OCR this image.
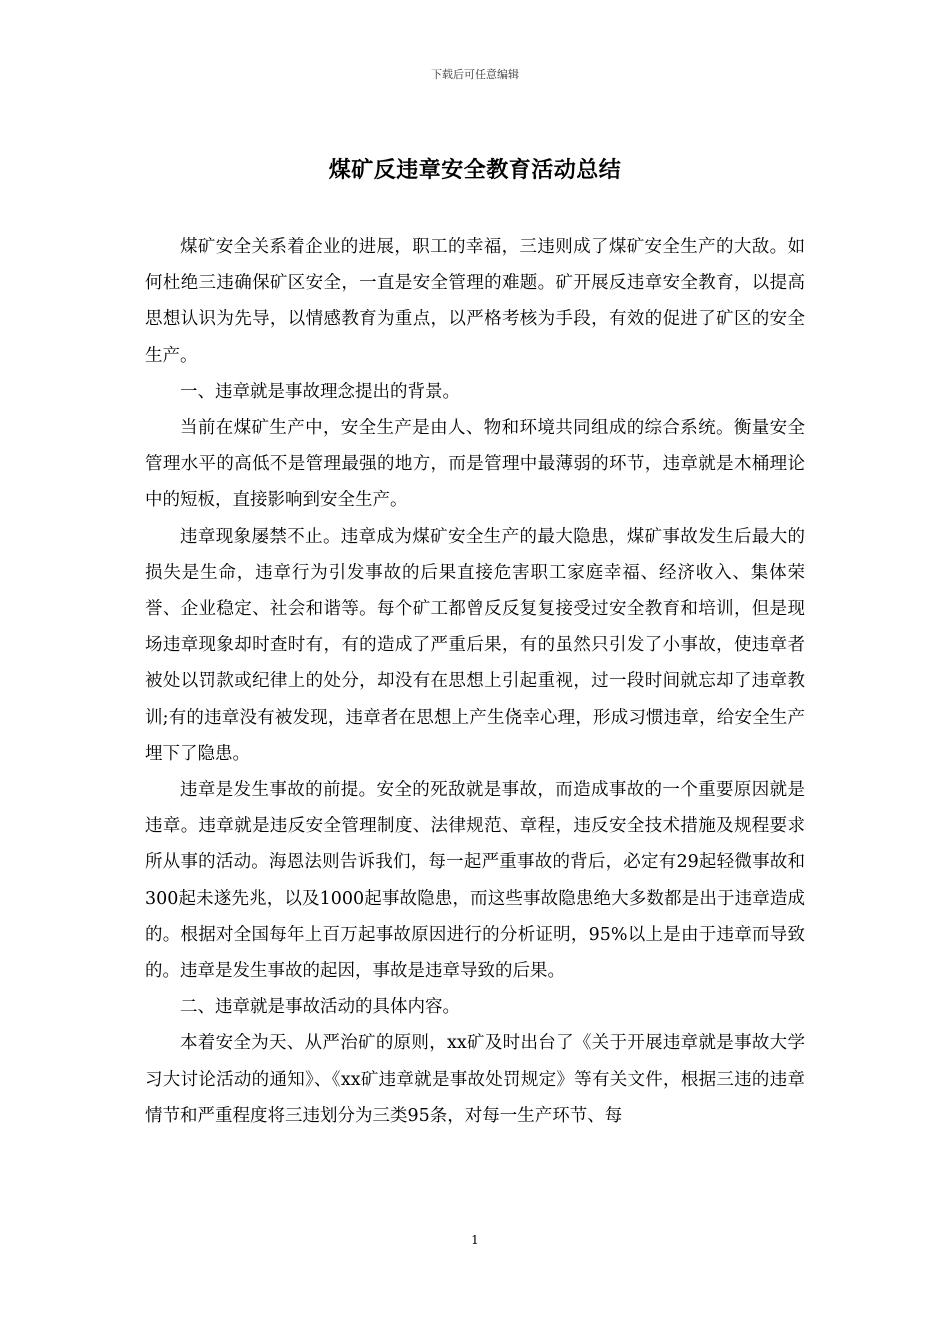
下载后可任意编辑
煤矿反违章安全教育活动总结

煤矿安全关系着企业的进展，职工的幸福，三违则成了煤矿安全生产的大敌。如何杜绝三违确保矿区安全，一直是安全管理的难题。矿开展反违章安全教育，以提高思想认识为先导，以情感教育为重点，以严格考核为手段，有效的促进了矿区的安全生产。

一、违章就是事故理念提出的背景。

当前在煤矿生产中，安全生产是由人、物和环境共同组成的综合系统。衡量安全管理水平的高低不是管理最强的地方，而是管理中最薄弱的环节，违章就是木桶理论中的短板，直接影响到安全生产。

违章现象屡禁不止。违章成为煤矿安全生产的最大隐患，煤矿事故发生后最大的损失是生命，违章行为引发事故的后果直接危害职工家庭幸福、经济收入、集体荣誉、企业稳定、社会和谐等。每个矿工都曾反反复复接受过安全教育和培训，但是现场违章现象却时查时有，有的造成了严重后果，有的虽然只引发了小事故，使违章者被处以罚款或纪律上的处分，却没有在思想上引起重视，过一段时间就忘却了违章教训;有的违章没有被发现，违章者在思想上产生侥幸心理，形成习惯违章，给安全生产埋下了隐患。

违章是发生事故的前提。安全的死敌就是事故，而造成事故的一个重要原因就是违章。违章就是违反安全管理制度、法律规范、章程，违反安全技术措施及规程要求所从事的活动。海恩法则告诉我们，每一起严重事故的背后，必定有29起轻微事故和300起未遂先兆，以及1000起事故隐患，而这些事故隐患绝大多数都是出于违章造成的。根据对全国每年上百万起事故原因进行的分析证明，95%以上是由于违章而导致的。违章是发生事故的起因，事故是违章导致的后果。

二、违章就是事故活动的具体内容。

本着安全为天、从严治矿的原则，xx矿及时出台了《关于开展违章就是事故大学习大讨论活动的通知》、《xx矿违章就是事故处罚规定》等有关文件，根据三违的违章情节和严重程度将三违划分为三类95条，对每一生产环节、每

1
